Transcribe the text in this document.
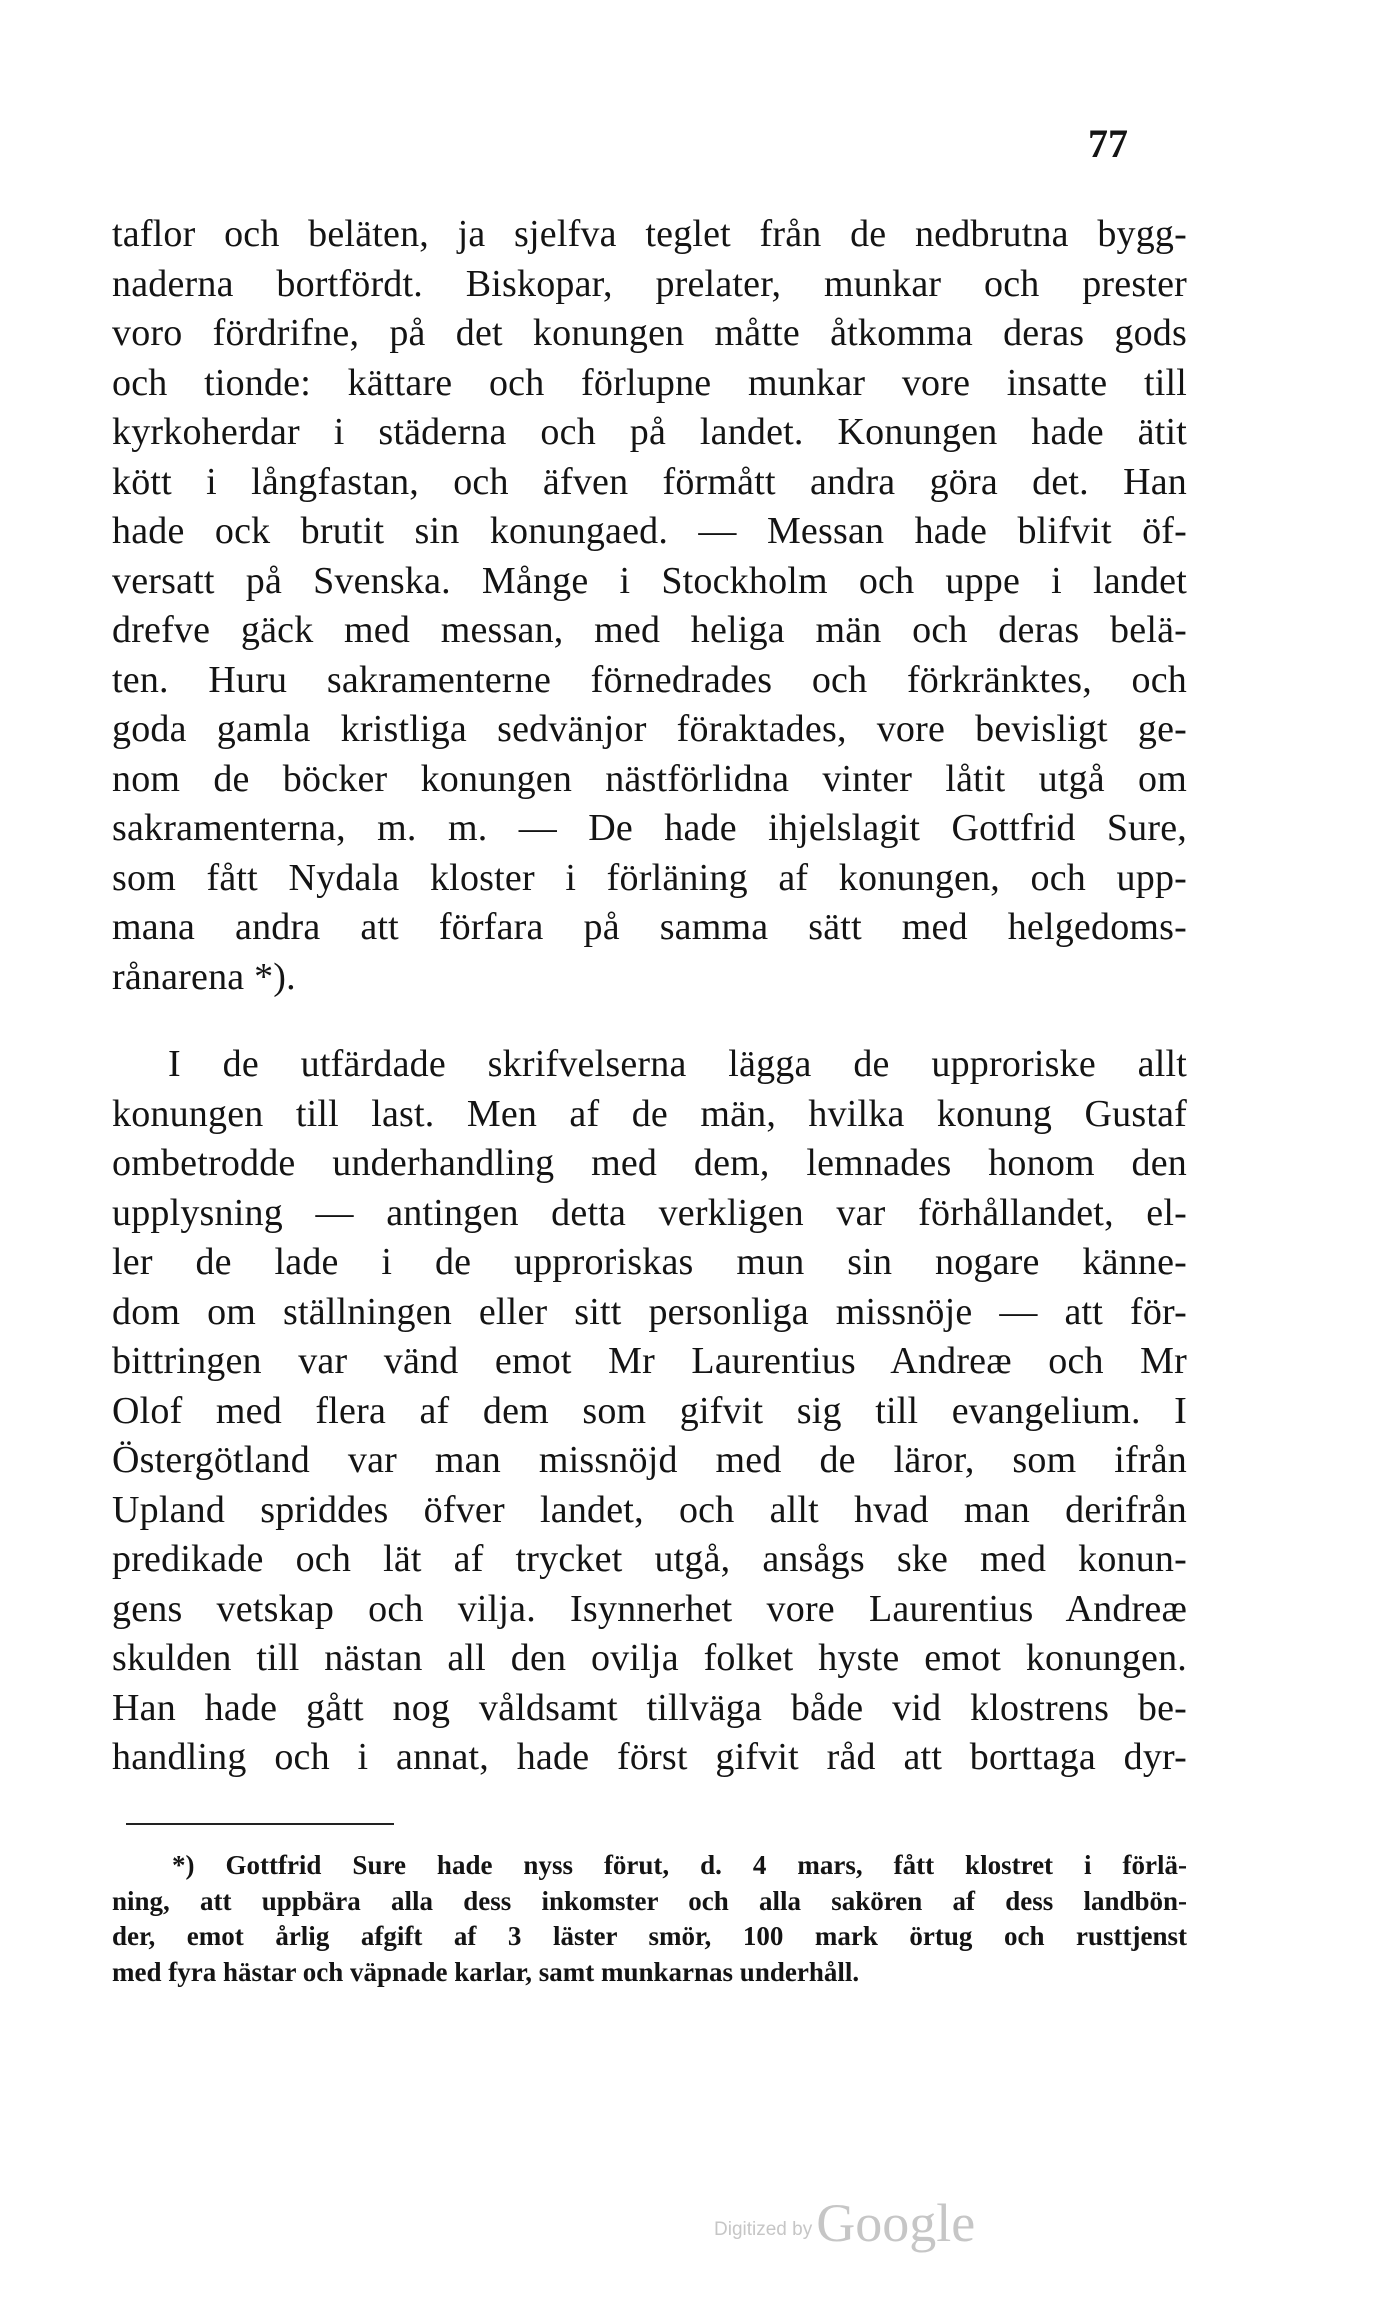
77
taflor och beläten, ja sjelfva teglet från de nedbrutna bygg-
naderna bortfördt. Biskopar, prelater, munkar och prester
voro fördrifne, på det konungen måtte åtkomma deras gods
och tionde: kättare och förlupne munkar vore insatte till
kyrkoherdar i städerna och på landet. Konungen hade ätit
kött i långfastan, och äfven förmått andra göra det. Han
hade ock brutit sin konungaed. — Messan hade blifvit öf-
versatt på Svenska. Månge i Stockholm och uppe i landet
drefve gäck med messan, med heliga män och deras belä-
ten. Huru sakramenterne förnedrades och förkränktes, och
goda gamla kristliga sedvänjor föraktades, vore bevisligt ge-
nom de böcker konungen nästförlidna vinter låtit utgå om
sakramenterna, m. m. — De hade ihjelslagit Gottfrid Sure,
som fått Nydala kloster i förläning af konungen, och upp-
mana andra att förfara på samma sätt med helgedoms-
rånarena *).
I de utfärdade skrifvelserna lägga de upproriske allt
konungen till last. Men af de män, hvilka konung Gustaf
ombetrodde underhandling med dem, lemnades honom den
upplysning — antingen detta verkligen var förhållandet, el-
ler de lade i de upproriskas mun sin nogare känne-
dom om ställningen eller sitt personliga missnöje — att för-
bittringen var vänd emot Mr Laurentius Andreæ och Mr
Olof med flera af dem som gifvit sig till evangelium. I
Östergötland var man missnöjd med de läror, som ifrån
Upland spriddes öfver landet, och allt hvad man derifrån
predikade och lät af trycket utgå, ansågs ske med konun-
gens vetskap och vilja. Isynnerhet vore Laurentius Andreæ
skulden till nästan all den ovilja folket hyste emot konungen.
Han hade gått nog våldsamt tillväga både vid klostrens be-
handling och i annat, hade först gifvit råd att borttaga dyr-
*) Gottfrid Sure hade nyss förut, d. 4 mars, fått klostret i förlä-
ning, att uppbära alla dess inkomster och alla sakören af dess landbön-
der, emot årlig afgift af 3 läster smör, 100 mark örtug och rusttjenst
med fyra hästar och väpnade karlar, samt munkarnas underhåll.
Digitized byGoogle
